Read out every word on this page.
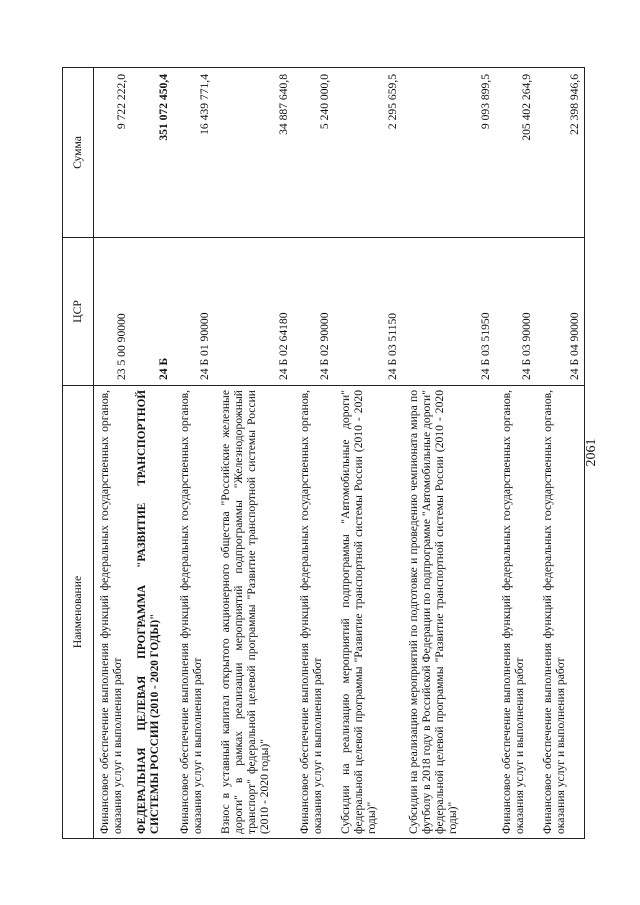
2061
Наименование	ЦСР	Сумма
Финансовое обеспечение выполнения функций федеральных государственных органов, оказания услуг и выполнения работ	23 5 00 90000	9 722 222,0
ФЕДЕРАЛЬНАЯ ЦЕЛЕВАЯ ПРОГРАММА "РАЗВИТИЕ ТРАНСПОРТНОЙ СИСТЕМЫ РОССИИ (2010 - 2020 ГОДЫ)"	24 Б	351 072 450,4
Финансовое обеспечение выполнения функций федеральных государственных органов, оказания услуг и выполнения работ	24 Б 01 90000	16 439 771,4
Взнос в уставный капитал открытого акционерного общества "Российские железные дороги" в рамках реализации мероприятий подпрограммы "Железнодорожный транспорт" федеральной целевой программы "Развитие транспортной системы России (2010 - 2020 годы)"	24 Б 02 64180	34 887 640,8
Финансовое обеспечение выполнения функций федеральных государственных органов, оказания услуг и выполнения работ	24 Б 02 90000	5 240 000,0
Субсидии на реализацию мероприятий подпрограммы "Автомобильные дороги" федеральной целевой программы "Развитие транспортной системы России (2010 - 2020 годы)"	24 Б 03 51150	2 295 659,5
Субсидии на реализацию мероприятий по подготовке и проведению чемпионата мира по футболу в 2018 году в Российской Федерации по подпрограмме "Автомобильные дороги" федеральной целевой программы "Развитие транспортной системы России (2010 - 2020 годы)"	24 Б 03 51950	9 093 899,5
Финансовое обеспечение выполнения функций федеральных государственных органов, оказания услуг и выполнения работ	24 Б 03 90000	205 402 264,9
Финансовое обеспечение выполнения функций федеральных государственных органов, оказания услуг и выполнения работ	24 Б 04 90000	22 398 946,6
